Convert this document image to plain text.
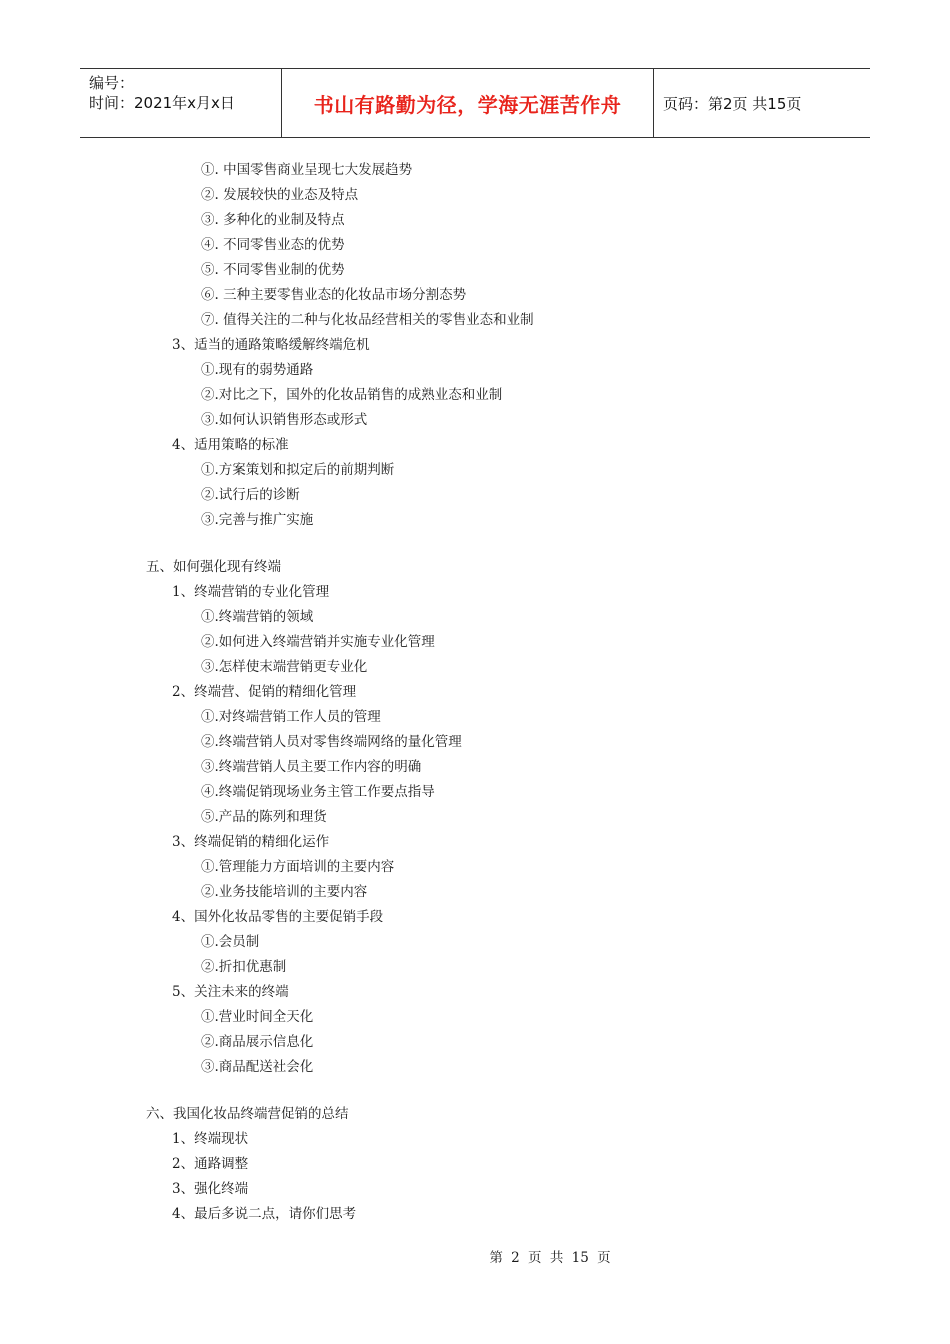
编号：
时间：2021年x月x日	书山有路勤为径，学海无涯苦作舟	页码：第2页 共15页
①. 中国零售商业呈现七大发展趋势
②. 发展较快的业态及特点
③. 多种化的业制及特点
④. 不同零售业态的优势
⑤. 不同零售业制的优势
⑥. 三种主要零售业态的化妆品市场分割态势
⑦. 值得关注的二种与化妆品经营相关的零售业态和业制
3、适当的通路策略缓解终端危机
①.现有的弱势通路
②.对比之下，国外的化妆品销售的成熟业态和业制
③.如何认识销售形态或形式
4、适用策略的标准
①.方案策划和拟定后的前期判断
②.试行后的诊断
③.完善与推广实施
五、如何强化现有终端
1、终端营销的专业化管理
①.终端营销的领域
②.如何进入终端营销并实施专业化管理
③.怎样使末端营销更专业化
2、终端营、促销的精细化管理
①.对终端营销工作人员的管理
②.终端营销人员对零售终端网络的量化管理
③.终端营销人员主要工作内容的明确
④.终端促销现场业务主管工作要点指导
⑤.产品的陈列和理货
3、终端促销的精细化运作
①.管理能力方面培训的主要内容
②.业务技能培训的主要内容
4、国外化妆品零售的主要促销手段
①.会员制
②.折扣优惠制
5、关注未来的终端
①.营业时间全天化
②.商品展示信息化
③.商品配送社会化
六、我国化妆品终端营促销的总结
1、终端现状
2、通路调整
3、强化终端
4、最后多说二点，请你们思考
第 2 页 共 15 页
